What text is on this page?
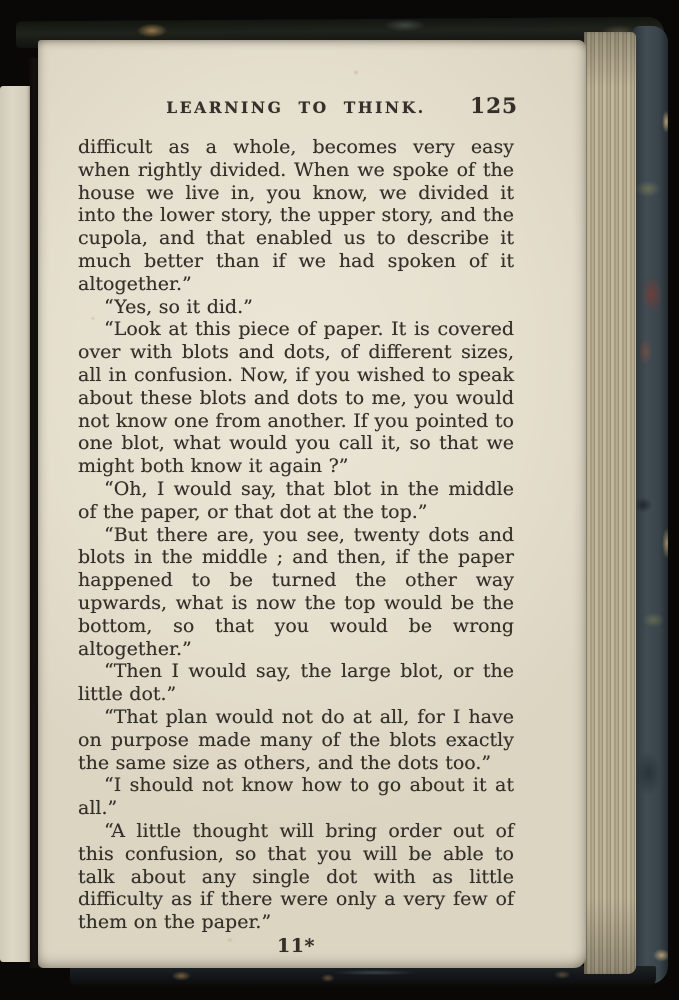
LEARNING TO THINK. 125

difficult as a whole, becomes very easy when rightly divided. When we spoke of the house we live in, you know, we divided it into the lower story, the upper story, and the cupola, and that enabled us to describe it much better than if we had spoken of it altogether.”

“Yes, so it did.”

“Look at this piece of paper. It is covered over with blots and dots, of different sizes, all in confusion. Now, if you wished to speak about these blots and dots to me, you would not know one from another. If you pointed to one blot, what would you call it, so that we might both know it again ?”

“Oh, I would say, that blot in the middle of the paper, or that dot at the top.”

“But there are, you see, twenty dots and blots in the middle ; and then, if the paper happened to be turned the other way upwards, what is now the top would be the bottom, so that you would be wrong altogether.”

“Then I would say, the large blot, or the little dot.”

“That plan would not do at all, for I have on purpose made many of the blots exactly the same size as others, and the dots too.”

“I should not know how to go about it at all.”

“A little thought will bring order out of this confusion, so that you will be able to talk about any single dot with as little difficulty as if there were only a very few of them on the paper.”

11*
